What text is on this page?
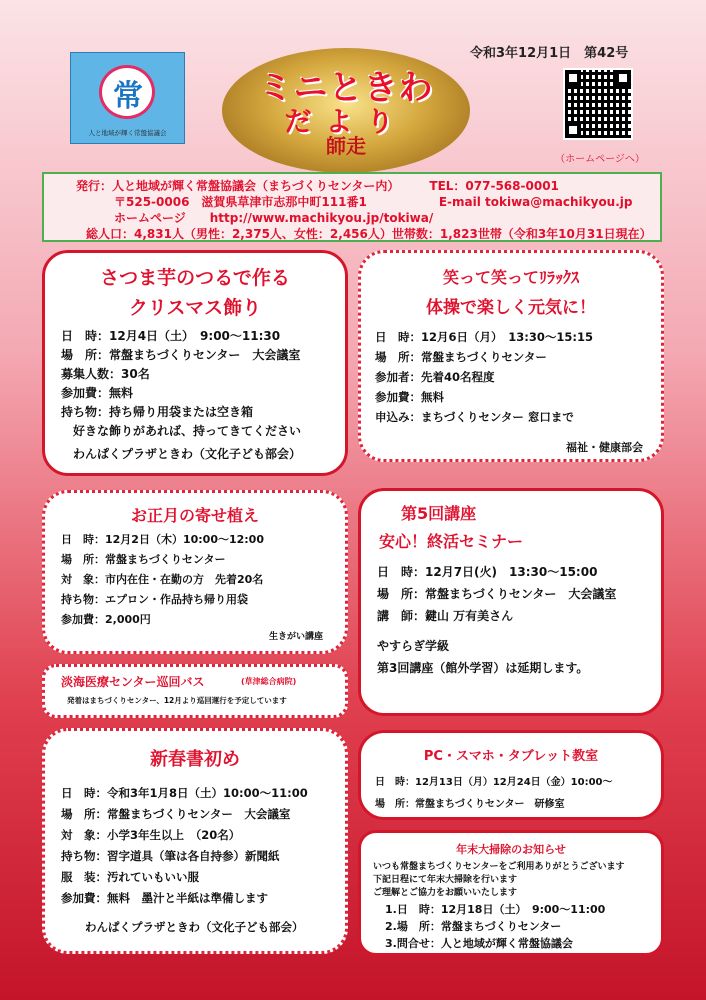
常
人と地域が輝く常盤協議会
ミニときわ
だより
師走
令和3年12月1日　第42号
（ホームページへ）
発行：人と地域が輝く常盤協議会（まちづくりセンター内）　　　TEL：077-568-0001
〒525-0006　滋賀県草津市志那中町111番1　　　　　　E-mail tokiwa@machikyou.jp
ホームページ　　http://www.machikyou.jp/tokiwa/
総人口：4,831人（男性：2,375人、女性：2,456人）世帯数：1,823世帯（令和3年10月31日現在）
さつま芋のつるで作る
クリスマス飾り
日　時：12月4日（土）　9:00～11:30
場　所：常盤まちづくりセンター　大会議室
募集人数：30名
参加費：無料
持ち物：持ち帰り用袋または空き箱
　好きな飾りがあれば、持ってきてください
　わんぱくプラザときわ（文化子ども部会）
笑って笑ってﾘﾗｯｸｽ
体操で楽しく元気に！
日　時：12月6日（月）　13:30～15:15
場　所：常盤まちづくりセンター
参加者：先着40名程度
参加費：無料
申込み：まちづくりセンター 窓口まで
福祉・健康部会
お正月の寄せ植え
日　時：12月2日（木）10:00～12:00
場　所：常盤まちづくりセンター
対　象：市内在住・在勤の方　先着20名
持ち物：エプロン・作品持ち帰り用袋
参加費：2,000円
生きがい講座
第5回講座
安心！終活セミナー
日　時：12月7日(火)　13:30～15:00
場　所：常盤まちづくりセンター　大会議室
講　師：鍵山 万有美さん
やすらぎ学級
第3回講座（館外学習）は延期します。
淡海医療センター巡回バス	(草津総合病院)
発着はまちづくりセンター、12月より巡回運行を予定しています
新春書初め
日　時：令和3年1月8日（土）10:00～11:00
場　所：常盤まちづくりセンター　大会議室
対　象：小学3年生以上　（20名）
持ち物：習字道具（筆は各自持参）新聞紙
服　装：汚れていもいい服
参加費：無料　墨汁と半紙は準備します
わんぱくプラザときわ（文化子ども部会）
PC・スマホ・タブレット教室
日　時：12月13日（月）12月24日（金）10:00～
場　所：常盤まちづくりセンター　研修室
年末大掃除のお知らせ
いつも常盤まちづくりセンターをご利用ありがとうございます
下記日程にて年末大掃除を行います
ご理解とご協力をお願いいたします
1.日　時：12月18日（土）　9:00～11:00
2.場　所：常盤まちづくりセンター
3.問合せ：人と地域が輝く常盤協議会
